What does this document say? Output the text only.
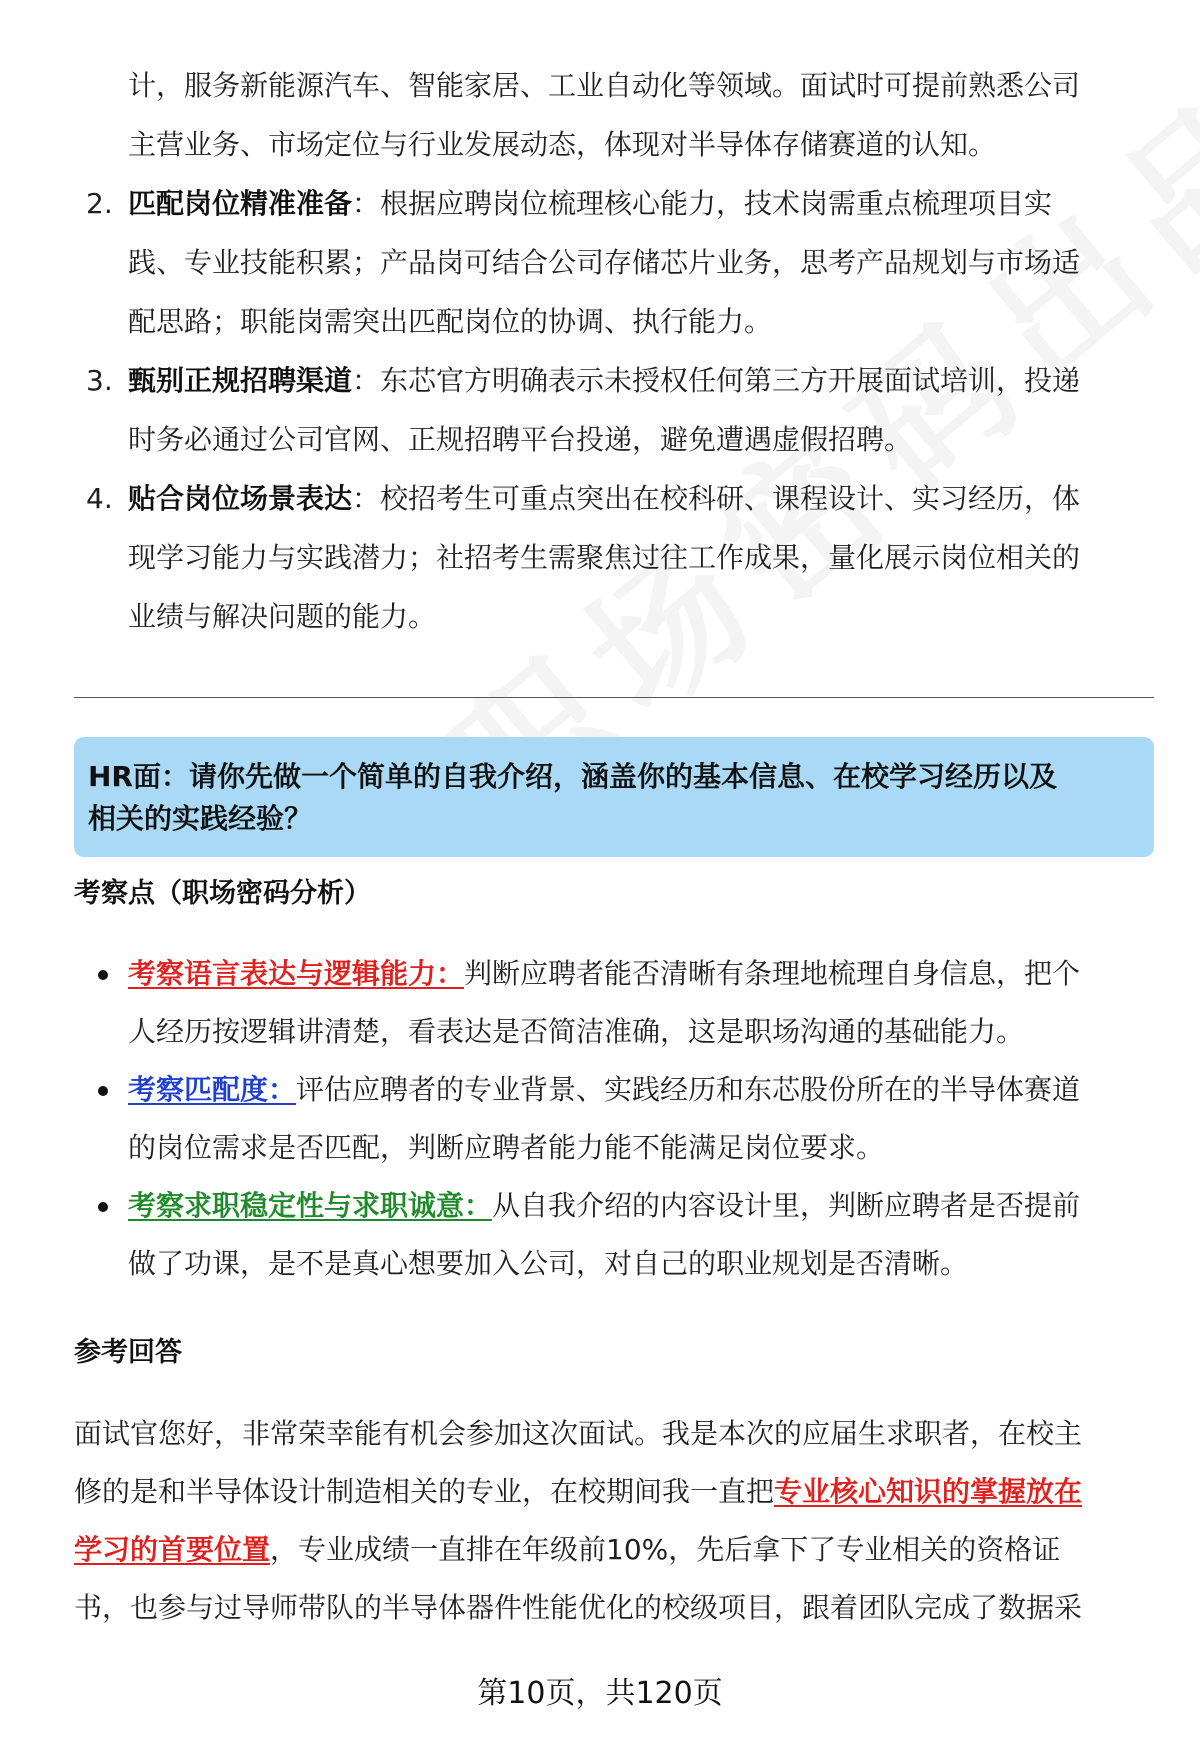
计，服务新能源汽车、智能家居、工业自动化等领域。面试时可提前熟悉公司

主营业务、市场定位与行业发展动态，体现对半导体存储赛道的认知。

2. 匹配岗位精准准备：根据应聘岗位梳理核心能力，技术岗需重点梳理项目实

践、专业技能积累；产品岗可结合公司存储芯片业务，思考产品规划与市场适

配思路；职能岗需突出匹配岗位的协调、执行能力。

3. 甄别正规招聘渠道：东芯官方明确表示未授权任何第三方开展面试培训，投递

时务必通过公司官网、正规招聘平台投递，避免遭遇虚假招聘。

4. 贴合岗位场景表达：校招考生可重点突出在校科研、课程设计、实习经历，体

现学习能力与实践潜力；社招考生需聚焦过往工作成果，量化展示岗位相关的

业绩与解决问题的能力。

HR面：请你先做一个简单的自我介绍，涵盖你的基本信息、在校学习经历以及

相关的实践经验？

考察点（职场密码分析）

考察语言表达与逻辑能力：判断应聘者能否清晰有条理地梳理自身信息，把个

人经历按逻辑讲清楚，看表达是否简洁准确，这是职场沟通的基础能力。

考察匹配度：评估应聘者的专业背景、实践经历和东芯股份所在的半导体赛道

的岗位需求是否匹配，判断应聘者能力能不能满足岗位要求。

考察求职稳定性与求职诚意：从自我介绍的内容设计里，判断应聘者是否提前

做了功课，是不是真心想要加入公司，对自己的职业规划是否清晰。

参考回答

面试官您好，非常荣幸能有机会参加这次面试。我是本次的应届生求职者，在校主

修的是和半导体设计制造相关的专业，在校期间我一直把专业核心知识的掌握放在

学习的首要位置，专业成绩一直排在年级前10%，先后拿下了专业相关的资格证

书，也参与过导师带队的半导体器件性能优化的校级项目，跟着团队完成了数据采

第10页，共120页
